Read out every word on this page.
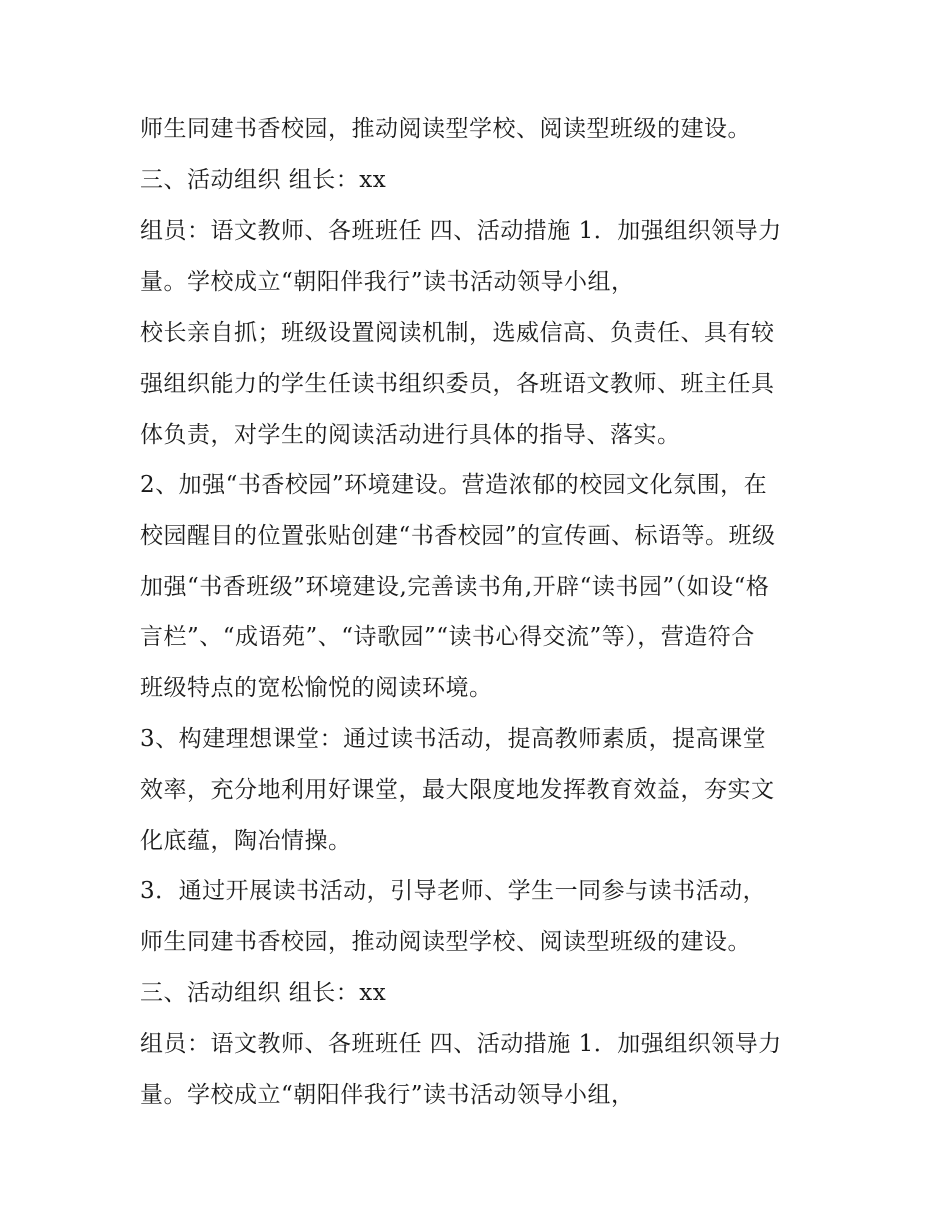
师生同建书香校园，推动阅读型学校、阅读型班级的建设。
三、活动组织 组长：xx
组员：语文教师、各班班任 四、活动措施 1．加强组织领导力
量。学校成立“朝阳伴我行”读书活动领导小组，
校长亲自抓；班级设置阅读机制，选威信高、负责任、具有较
强组织能力的学生任读书组织委员，各班语文教师、班主任具
体负责，对学生的阅读活动进行具体的指导、落实。
2、加强“书香校园”环境建设。营造浓郁的校园文化氛围，在
校园醒目的位置张贴创建“书香校园”的宣传画、标语等。班级
加强“书香班级”环境建设,完善读书角,开辟“读书园”（如设“格
言栏”、“成语苑”、“诗歌园”“读书心得交流”等），营造符合
班级特点的宽松愉悦的阅读环境。
3、构建理想课堂：通过读书活动，提高教师素质，提高课堂
效率，充分地利用好课堂，最大限度地发挥教育效益，夯实文
化底蕴，陶冶情操。
3．通过开展读书活动，引导老师、学生一同参与读书活动，
师生同建书香校园，推动阅读型学校、阅读型班级的建设。
三、活动组织 组长：xx
组员：语文教师、各班班任 四、活动措施 1．加强组织领导力
量。学校成立“朝阳伴我行”读书活动领导小组，
